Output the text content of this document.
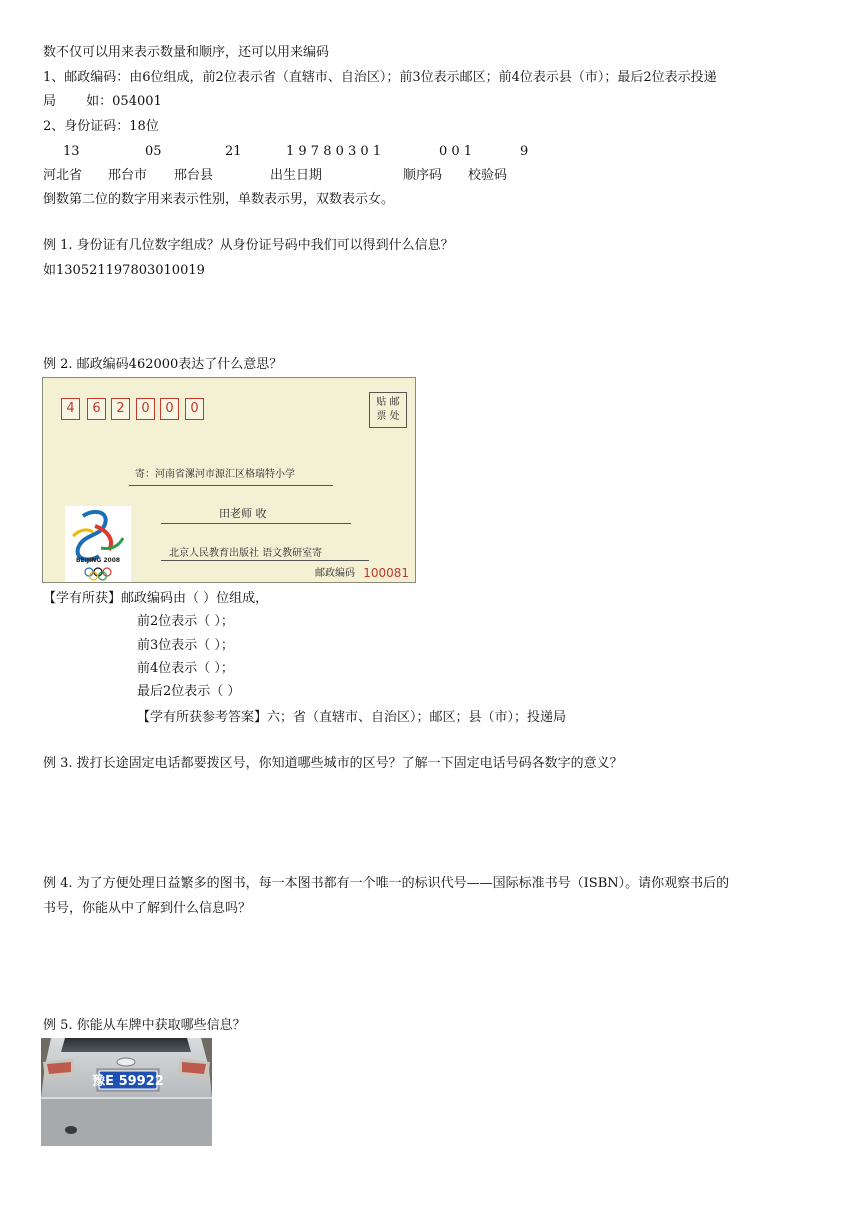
数不仅可以用来表示数量和顺序，还可以用来编码
1、邮政编码：由6位组成，前2位表示省（直辖市、自治区）；前3位表示邮区；前4位表示县（市）；最后2位表示投递
局 如：054001
2、身份证码：18位
13	05	21	1 9 7 8 0 3 0 1	0 0 1	9
河北省 邢台市 邢台县	出生日期	顺序码 校验码
倒数第二位的数字用来表示性别，单数表示男，双数表示女。
例 1. 身份证有几位数字组成？从身份证号码中我们可以得到什么信息？
如130521197803010019
例 2. 邮政编码462000表达了什么意思？
4	6	2	0	0	0	贴 邮
票 处
寄：河南省漯河市源汇区格瑞特小学
田老师 收
北京人民教育出版社 语文教研室寄
BEIJING 2008
邮政编码 100081
【学有所获】邮政编码由（ ）位组成，
前2位表示（ ）；
前3位表示（ ）；
前4位表示（ ）；
最后2位表示（ ）
【学有所获参考答案】六；省（直辖市、自治区）；邮区；县（市）；投递局
例 3. 拨打长途固定电话都要拨区号，你知道哪些城市的区号？了解一下固定电话号码各数字的意义？
例 4. 为了方便处理日益繁多的图书，每一本图书都有一个唯一的标识代号——国际标准书号（ISBN）。请你观察书后的
书号，你能从中了解到什么信息吗？
例 5. 你能从车牌中获取哪些信息？
豫E 59922
